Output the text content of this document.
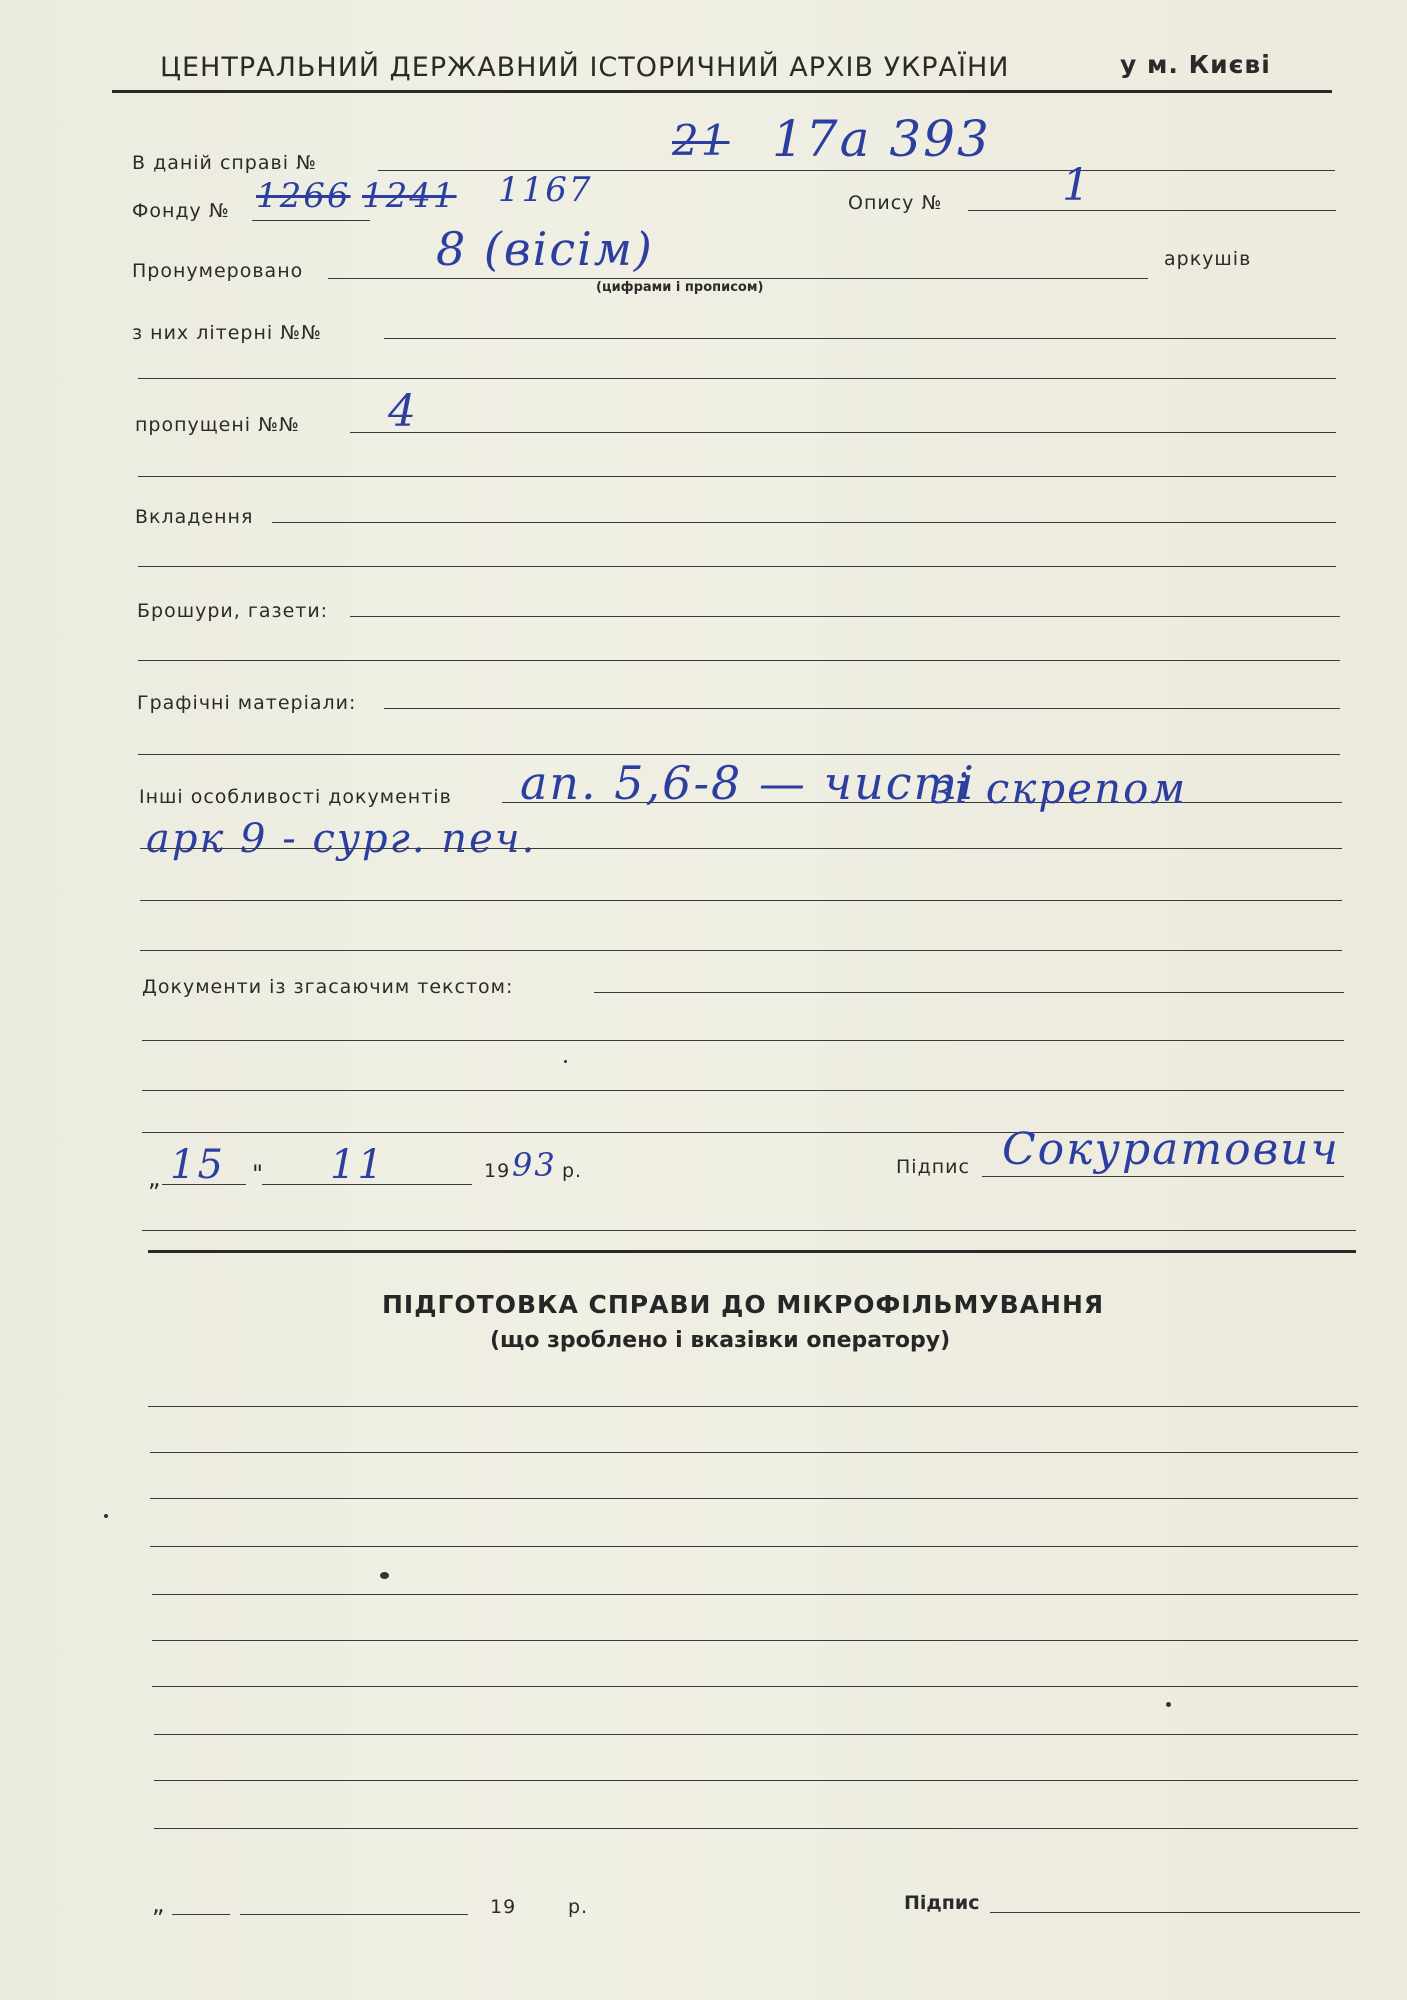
ЦЕНТРАЛЬНИЙ ДЕРЖАВНИЙ ІСТОРИЧНИЙ АРХІВ УКРАЇНИ	у м. Києві
В даній справі №	21 17а 393
Фонду № 1266 1241 1167	Опису №	1
Пронумеровано
аркушів
(цифрами і прописом)
8 (вісім)
з них літерні №№
пропущені №№ 4
Вкладення
Брошури, газети:
Графічні матеріали:
Інші особливості документів ап. 5,6-8 — чисті
зі скрепом
арк 9 - сург. печ.
Документи із згасаючим текстом:
„ 15 " 11	19 93 р.	Підпис Сокуратович
ПІДГОТОВКА СПРАВИ ДО МІКРОФІЛЬМУВАННЯ
(що зроблено і вказівки оператору)
„	19	р.	Підпис
